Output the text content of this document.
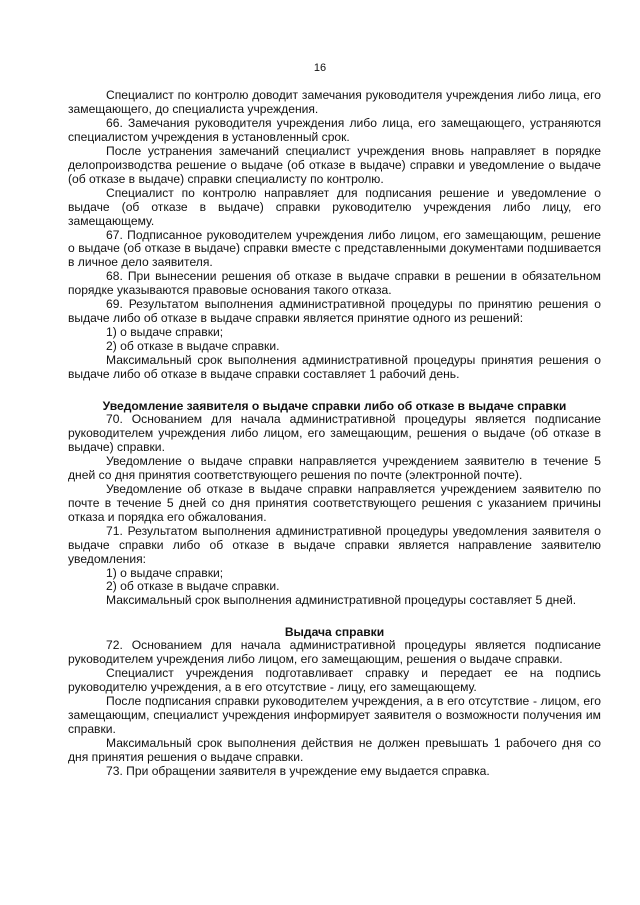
16

Специалист по контролю доводит замечания руководителя учреждения либо лица, его замещающего, до специалиста учреждения.

66. Замечания руководителя учреждения либо лица, его замещающего, устраняются специалистом учреждения в установленный срок.

После устранения замечаний специалист учреждения вновь направляет в порядке делопроизводства решение о выдаче (об отказе в выдаче) справки и уведомление о выдаче (об отказе в выдаче) справки специалисту по контролю.

Специалист по контролю направляет для подписания решение и уведомление о выдаче (об отказе в выдаче) справки руководителю учреждения либо лицу, его замещающему.

67. Подписанное руководителем учреждения либо лицом, его замещающим, решение о выдаче (об отказе в выдаче) справки вместе с представленными документами подшивается в личное дело заявителя.

68. При вынесении решения об отказе в выдаче справки в решении в обязательном порядке указываются правовые основания такого отказа.

69. Результатом выполнения административной процедуры по принятию решения о выдаче либо об отказе в выдаче справки является принятие одного из решений:

1) о выдаче справки;

2) об отказе в выдаче справки.

Максимальный срок выполнения административной процедуры принятия решения о выдаче либо об отказе в выдаче справки составляет 1 рабочий день.

Уведомление заявителя о выдаче справки либо об отказе в выдаче справки

70. Основанием для начала административной процедуры является подписание руководителем учреждения либо лицом, его замещающим, решения о выдаче (об отказе в выдаче) справки.

Уведомление о выдаче справки направляется учреждением заявителю в течение 5 дней со дня принятия соответствующего решения по почте (электронной почте).

Уведомление об отказе в выдаче справки направляется учреждением заявителю по почте в течение 5 дней со дня принятия соответствующего решения с указанием причины отказа и порядка его обжалования.

71. Результатом выполнения административной процедуры уведомления заявителя о выдаче справки либо об отказе в выдаче справки является направление заявителю уведомления:

1) о выдаче справки;

2) об отказе в выдаче справки.

Максимальный срок выполнения административной процедуры составляет 5 дней.

Выдача справки

72. Основанием для начала административной процедуры является подписание руководителем учреждения либо лицом, его замещающим, решения о выдаче справки.

Специалист учреждения подготавливает справку и передает ее на подпись руководителю учреждения, а в его отсутствие - лицу, его замещающему.

После подписания справки руководителем учреждения, а в его отсутствие - лицом, его замещающим, специалист учреждения информирует заявителя о возможности получения им справки.

Максимальный срок выполнения действия не должен превышать 1 рабочего дня со дня принятия решения о выдаче справки.

73. При обращении заявителя в учреждение ему выдается справка.
